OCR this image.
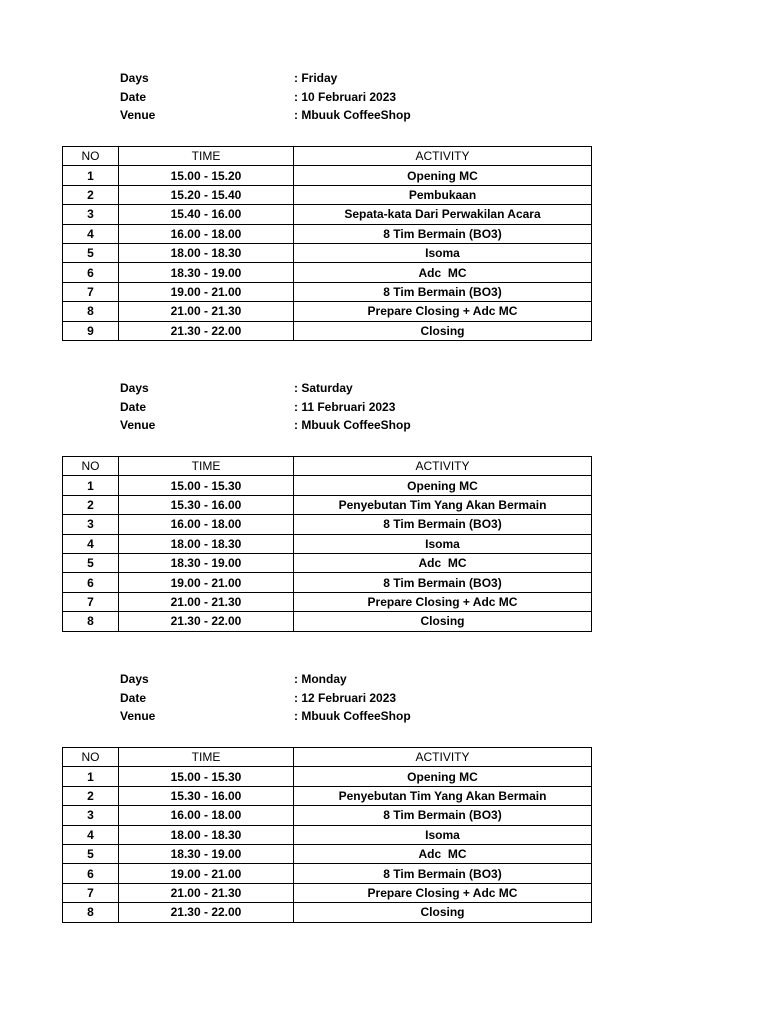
Days	: Friday
Date	: 10 Februari 2023
Venue	: Mbuuk CoffeeShop
NO	TIME	ACTIVITY
1	15.00 - 15.20	Opening MC
2	15.20 - 15.40	Pembukaan
3	15.40 - 16.00	Sepata-kata Dari Perwakilan Acara
4	16.00 - 18.00	8 Tim Bermain (BO3)
5	18.00 - 18.30	Isoma
6	18.30 - 19.00	Adc  MC
7	19.00 - 21.00	8 Tim Bermain (BO3)
8	21.00 - 21.30	Prepare Closing + Adc MC
9	21.30 - 22.00	Closing
Days	: Saturday
Date	: 11 Februari 2023
Venue	: Mbuuk CoffeeShop
NO	TIME	ACTIVITY
1	15.00 - 15.30	Opening MC
2	15.30 - 16.00	Penyebutan Tim Yang Akan Bermain
3	16.00 - 18.00	8 Tim Bermain (BO3)
4	18.00 - 18.30	Isoma
5	18.30 - 19.00	Adc  MC
6	19.00 - 21.00	8 Tim Bermain (BO3)
7	21.00 - 21.30	Prepare Closing + Adc MC
8	21.30 - 22.00	Closing
Days	: Monday
Date	: 12 Februari 2023
Venue	: Mbuuk CoffeeShop
NO	TIME	ACTIVITY
1	15.00 - 15.30	Opening MC
2	15.30 - 16.00	Penyebutan Tim Yang Akan Bermain
3	16.00 - 18.00	8 Tim Bermain (BO3)
4	18.00 - 18.30	Isoma
5	18.30 - 19.00	Adc  MC
6	19.00 - 21.00	8 Tim Bermain (BO3)
7	21.00 - 21.30	Prepare Closing + Adc MC
8	21.30 - 22.00	Closing
